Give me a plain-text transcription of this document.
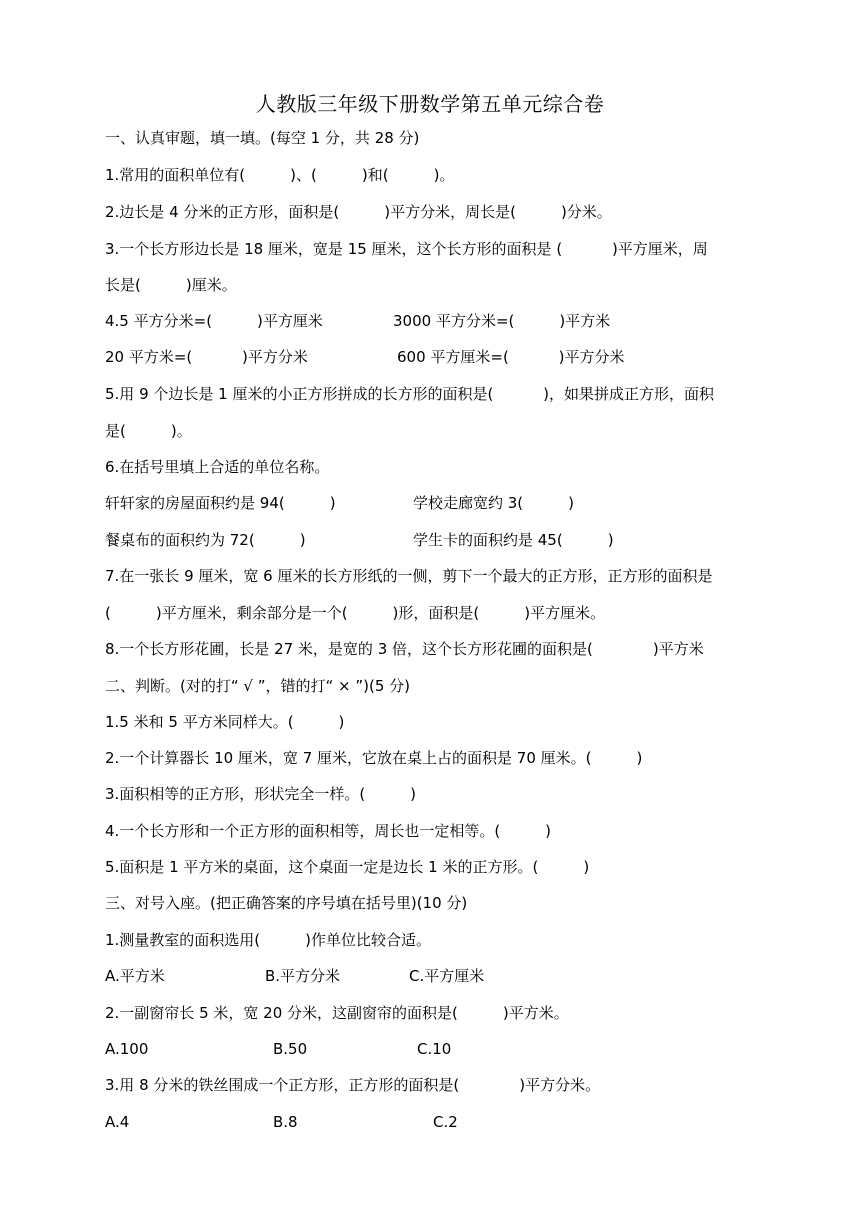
人教版三年级下册数学第五单元综合卷
一、认真审题，填一填。(每空 1 分，共 28 分)
1.常用的面积单位有(　　　)、(　　　)和(　　　)。
2.边长是 4 分米的正方形，面积是(　　　)平方分米，周长是(　　　)分米。
3.一个长方形边长是 18 厘米，宽是 15 厘米，这个长方形的面积是 (　　　 )平方厘米，周
长是(　　　)厘米。
4.5 平方分米=(　　　)平方厘米	3000 平方分米=(　　　)平方米
20 平方米=(　　　 )平方分米	600 平方厘米=(　　　 )平方分米
5.用 9 个边长是 1 厘米的小正方形拼成的长方形的面积是(　　　 )，如果拼成正方形，面积
是(　　　)。
6.在括号里填上合适的单位名称。
轩轩家的房屋面积约是 94(　　　)	学校走廊宽约 3(　　　)
餐桌布的面积约为 72(　　　)	学生卡的面积约是 45(　　　)
7.在一张长 9 厘米，宽 6 厘米的长方形纸的一侧，剪下一个最大的正方形，正方形的面积是
(　　　)平方厘米，剩余部分是一个(　　　)形，面积是(　　　)平方厘米。
8.一个长方形花圃，长是 27 米，是宽的 3 倍，这个长方形花圃的面积是(　　　　)平方米
二、判断。(对的打“ √ ”，错的打“ × ”)(5 分)
1.5 米和 5 平方米同样大。(　　　)
2.一个计算器长 10 厘米，宽 7 厘米，它放在桌上占的面积是 70 厘米。(　　　)
3.面积相等的正方形，形状完全一样。(　　　)
4.一个长方形和一个正方形的面积相等，周长也一定相等。(　　　)
5.面积是 1 平方米的桌面，这个桌面一定是边长 1 米的正方形。(　　　)
三、对号入座。(把正确答案的序号填在括号里)(10 分)
1.测量教室的面积选用(　　　)作单位比较合适。
A.平方米	B.平方分米	C.平方厘米
2.一副窗帘长 5 米，宽 20 分米，这副窗帘的面积是(　　　)平方米。
A.100	B.50	C.10
3.用 8 分米的铁丝围成一个正方形，正方形的面积是(　　　　)平方分米。
A.4	B.8	C.2
